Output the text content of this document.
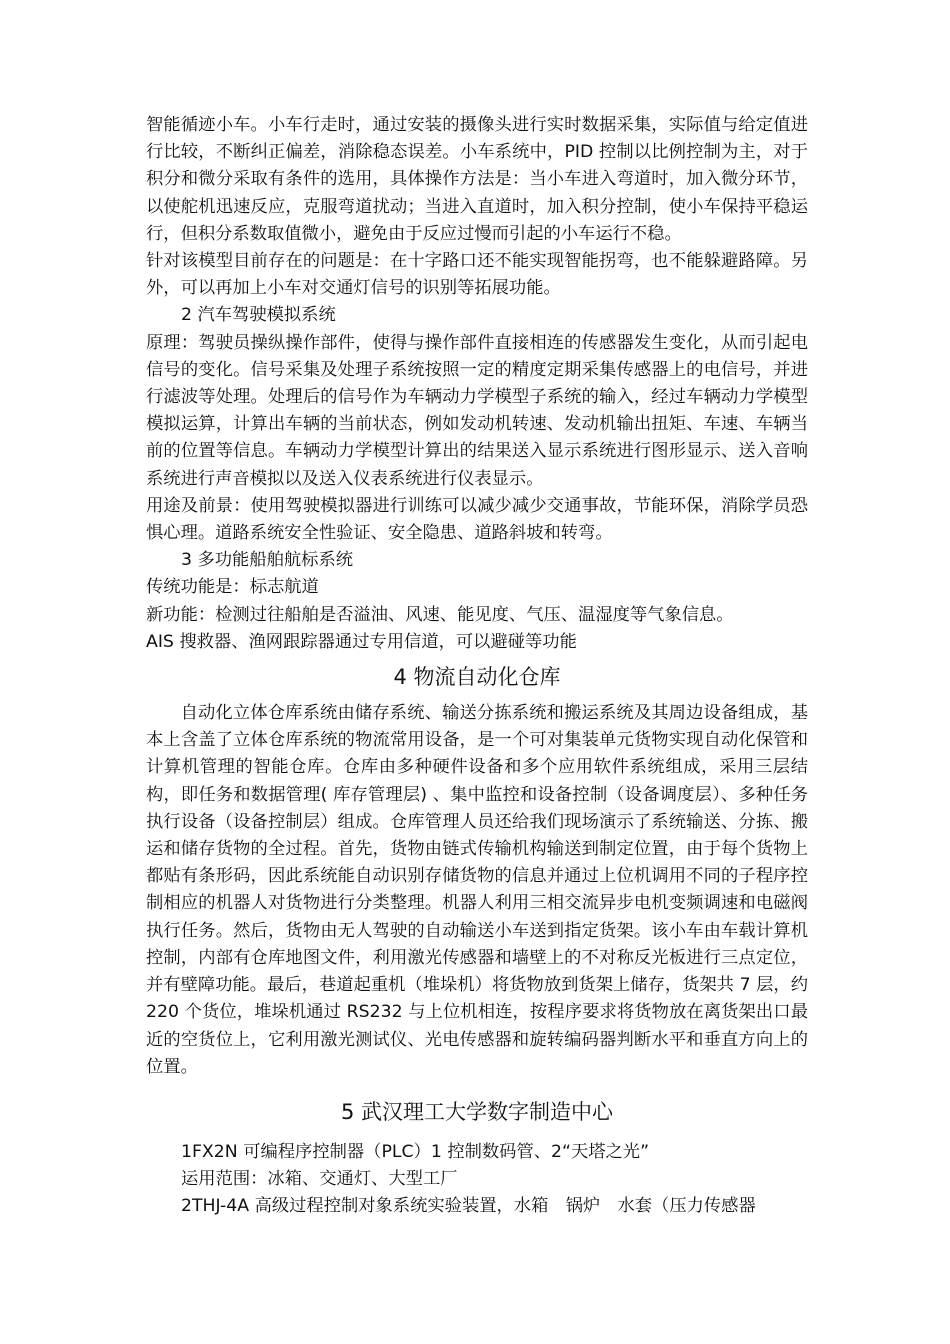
智能循迹小车。小车行走时，通过安装的摄像头进行实时数据采集，实际值与给定值进行比较，不断纠正偏差，消除稳态误差。小车系统中，PID 控制以比例控制为主，对于积分和微分采取有条件的选用，具体操作方法是：当小车进入弯道时，加入微分环节，以使舵机迅速反应，克服弯道扰动；当进入直道时，加入积分控制，使小车保持平稳运行，但积分系数取值微小，避免由于反应过慢而引起的小车运行不稳。

针对该模型目前存在的问题是：在十字路口还不能实现智能拐弯，也不能躲避路障。另外，可以再加上小车对交通灯信号的识别等拓展功能。

2 汽车驾驶模拟系统

原理：驾驶员操纵操作部件，使得与操作部件直接相连的传感器发生变化，从而引起电信号的变化。信号采集及处理子系统按照一定的精度定期采集传感器上的电信号，并进行滤波等处理。处理后的信号作为车辆动力学模型子系统的输入，经过车辆动力学模型模拟运算，计算出车辆的当前状态，例如发动机转速、发动机输出扭矩、车速、车辆当前的位置等信息。车辆动力学模型计算出的结果送入显示系统进行图形显示、送入音响系统进行声音模拟以及送入仪表系统进行仪表显示。

用途及前景：使用驾驶模拟器进行训练可以减少减少交通事故，节能环保，消除学员恐惧心理。道路系统安全性验证、安全隐患、道路斜坡和转弯。

3 多功能船舶航标系统

传统功能是：标志航道

新功能：检测过往船舶是否溢油、风速、能见度、气压、温湿度等气象信息。

AIS 搜救器、渔网跟踪器通过专用信道，可以避碰等功能

4 物流自动化仓库

自动化立体仓库系统由储存系统、输送分拣系统和搬运系统及其周边设备组成，基本上含盖了立体仓库系统的物流常用设备，是一个可对集装单元货物实现自动化保管和计算机管理的智能仓库。仓库由多种硬件设备和多个应用软件系统组成，采用三层结构，即任务和数据管理( 库存管理层) 、集中监控和设备控制（设备调度层）、多种任务执行设备（设备控制层）组成。仓库管理人员还给我们现场演示了系统输送、分拣、搬运和储存货物的全过程。首先，货物由链式传输机构输送到制定位置，由于每个货物上都贴有条形码，因此系统能自动识别存储货物的信息并通过上位机调用不同的子程序控制相应的机器人对货物进行分类整理。机器人利用三相交流异步电机变频调速和电磁阀执行任务。然后，货物由无人驾驶的自动输送小车送到指定货架。该小车由车载计算机控制，内部有仓库地图文件，利用激光传感器和墙壁上的不对称反光板进行三点定位，并有壁障功能。最后，巷道起重机（堆垛机）将货物放到货架上储存，货架共 7 层，约 220 个货位，堆垛机通过 RS232 与上位机相连，按程序要求将货物放在离货架出口最近的空货位上，它利用激光测试仪、光电传感器和旋转编码器判断水平和垂直方向上的位置。

5 武汉理工大学数字制造中心

1FX2N 可编程序控制器（PLC）1 控制数码管、2“天塔之光”

运用范围：冰箱、交通灯、大型工厂

2THJ-4A 高级过程控制对象系统实验装置，水箱　锅炉　水套（压力传感器
